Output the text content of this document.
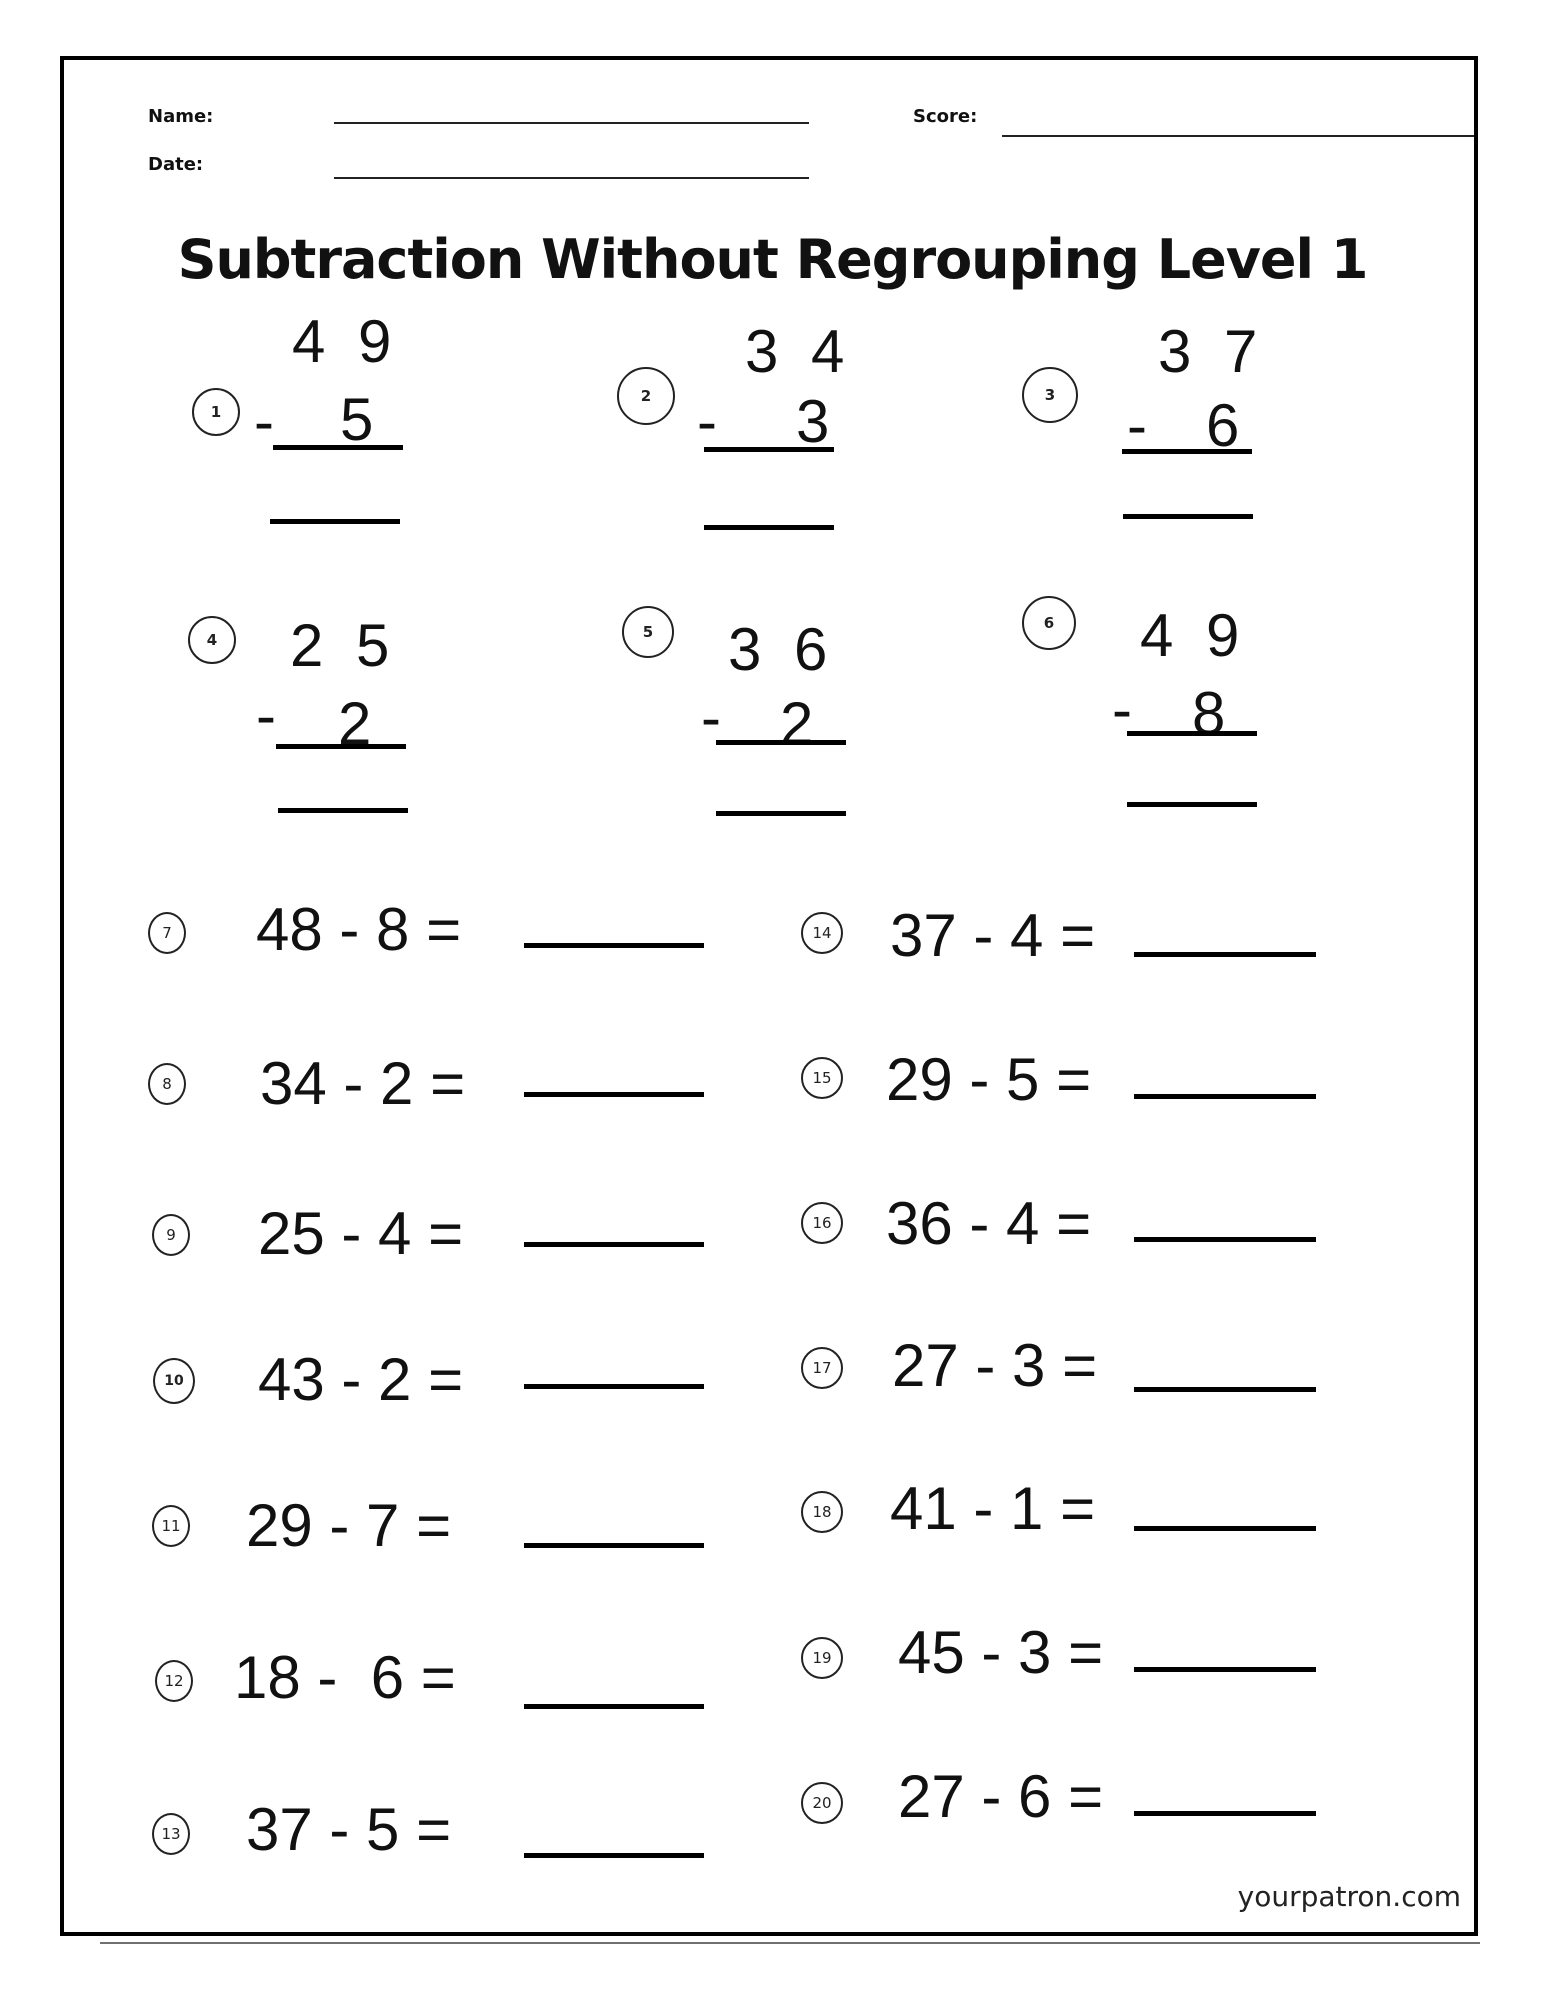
Name:
Date:
Score:
Subtraction Without Regrouping Level 1
1
4 9
- 5	2
3 4
- 3	3
3 7
- 6
4	2 5
- 2
5	3 6
- 2
6	4 9
- 8
7 48 - 8 =
8 34 - 2 =
9 25 - 4 =
10 43 - 2 =
11 29 - 7 =
12 18 -  6 =
13 37 - 5 =
14 37 - 4 =
15 29 - 5 =
16 36 - 4 =
17 27 - 3 =
18 41 - 1 =
19 45 - 3 =
20 27 - 6 =
yourpatron.com
